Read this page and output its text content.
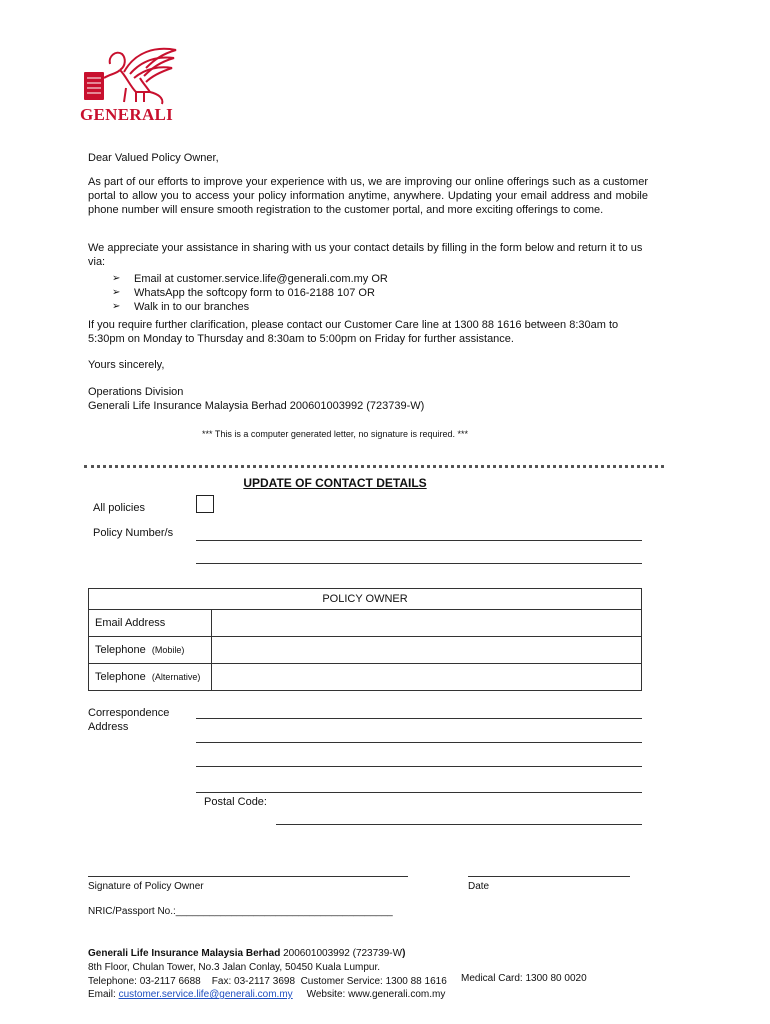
GENERALI
Dear Valued Policy Owner,
As part of our efforts to improve your experience with us, we are improving our online offerings such as a customer portal to allow you to access your policy information anytime, anywhere. Updating your email address and mobile phone number will ensure smooth registration to the customer portal, and more exciting offerings to come.
We appreciate your assistance in sharing with us your contact details by filling in the form below and return it to us via:
➢	Email at customer.service.life@generali.com.my OR
➢	WhatsApp the softcopy form to 016-2188 107 OR
➢	Walk in to our branches
If you require further clarification, please contact our Customer Care line at 1300 88 1616 between 8:30am to 5:30pm on Monday to Thursday and 8:30am to 5:00pm on Friday for further assistance.
Yours sincerely,
Operations Division
Generali Life Insurance Malaysia Berhad 200601003992 (723739-W)
*** This is a computer generated letter, no signature is required. ***
UPDATE OF CONTACT DETAILS
All policies
Policy Number/s
POLICY OWNER	
Email Address	
Telephone (Mobile)	
Telephone (Alternative)	
Correspondence
Address
Postal Code:
Signature of Policy Owner	Date
NRIC/Passport No.:_______________________________________
Generali Life Insurance Malaysia Berhad 200601003992 (723739-W)
8th Floor, Chulan Tower, No.3 Jalan Conlay, 50450 Kuala Lumpur.
Telephone: 03-2117 6688    Fax: 03-2117 3698  Customer Service: 1300 88 1616 Medical Card: 1300 80 0020
Email: customer.service.life@generali.com.my Website: www.generali.com.my
